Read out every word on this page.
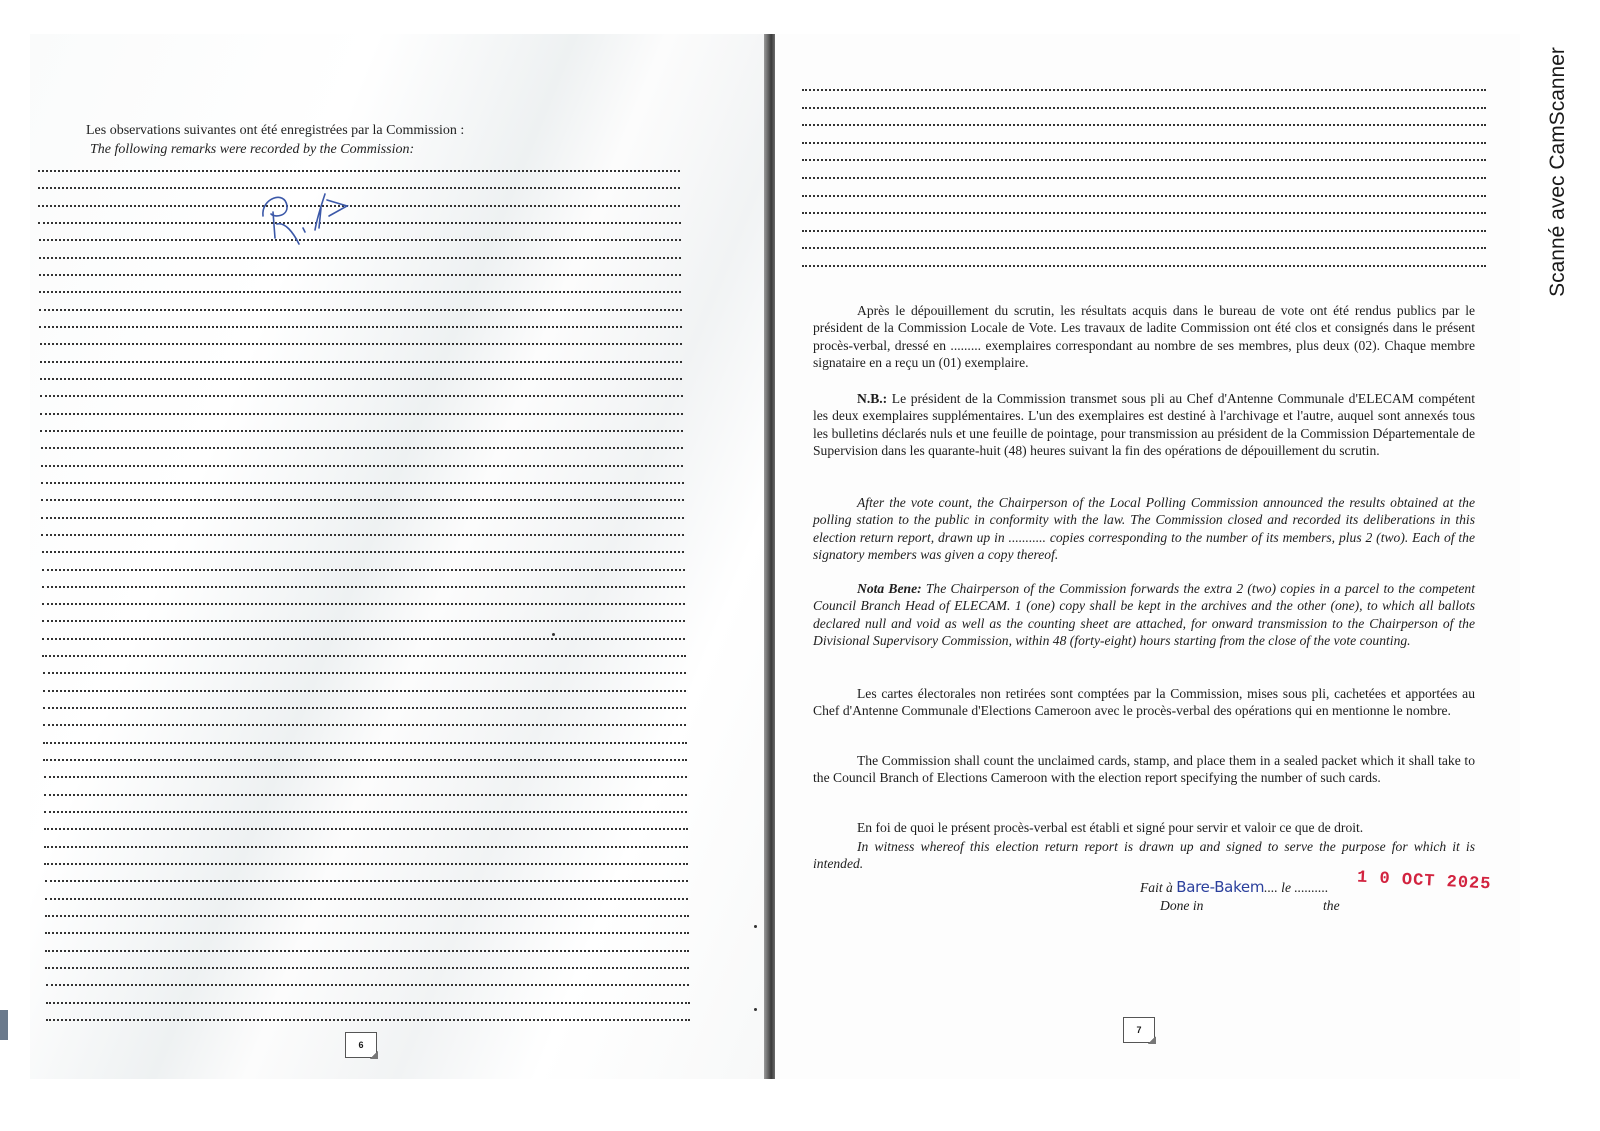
Les observations suivantes ont été enregistrées par la Commission :
The following remarks were recorded by the Commission:
6
Après le dépouillement du scrutin, les résultats acquis dans le bureau de vote ont été rendus publics par le président de la Commission Locale de Vote. Les travaux de ladite Commission ont été clos et consignés dans le présent procès-verbal, dressé en ......... exemplaires correspondant au nombre de ses membres, plus deux (02). Chaque membre signataire en a reçu un (01) exemplaire.
N.B.: Le président de la Commission transmet sous pli au Chef d'Antenne Communale d'ELECAM compétent les deux exemplaires supplémentaires. L'un des exemplaires est destiné à l'archivage et l'autre, auquel sont annexés tous les bulletins déclarés nuls et une feuille de pointage, pour transmission au président de la Commission Départementale de Supervision dans les quarante-huit (48) heures suivant la fin des opérations de dépouillement du scrutin.
After the vote count, the Chairperson of the Local Polling Commission announced the results obtained at the polling station to the public in conformity with the law. The Commission closed and recorded its deliberations in this election return report, drawn up in ........... copies corresponding to the number of its members, plus 2 (two). Each of the signatory members was given a copy thereof.
Nota Bene: The Chairperson of the Commission forwards the extra 2 (two) copies in a parcel to the competent Council Branch Head of ELECAM. 1 (one) copy shall be kept in the archives and the other (one), to which all ballots declared null and void as well as the counting sheet are attached, for onward transmission to the Chairperson of the Divisional Supervisory Commission, within 48 (forty-eight) hours starting from the close of the vote counting.
Les cartes électorales non retirées sont comptées par la Commission, mises sous pli, cachetées et apportées au Chef d'Antenne Communale d'Elections Cameroon avec le procès-verbal des opérations qui en mentionne le nombre.
The Commission shall count the unclaimed cards, stamp, and place them in a sealed packet which it shall take to the Council Branch of Elections Cameroon with the election report specifying the number of such cards.
En foi de quoi le présent procès-verbal est établi et signé pour servir et valoir ce que de droit.
In witness whereof this election return report is drawn up and signed to serve the purpose for which it is intended.
Fait à Bare-Bakem.... le .......... 1 0 OCT 2025
Done in	the
7
Scanné avec CamScanner
